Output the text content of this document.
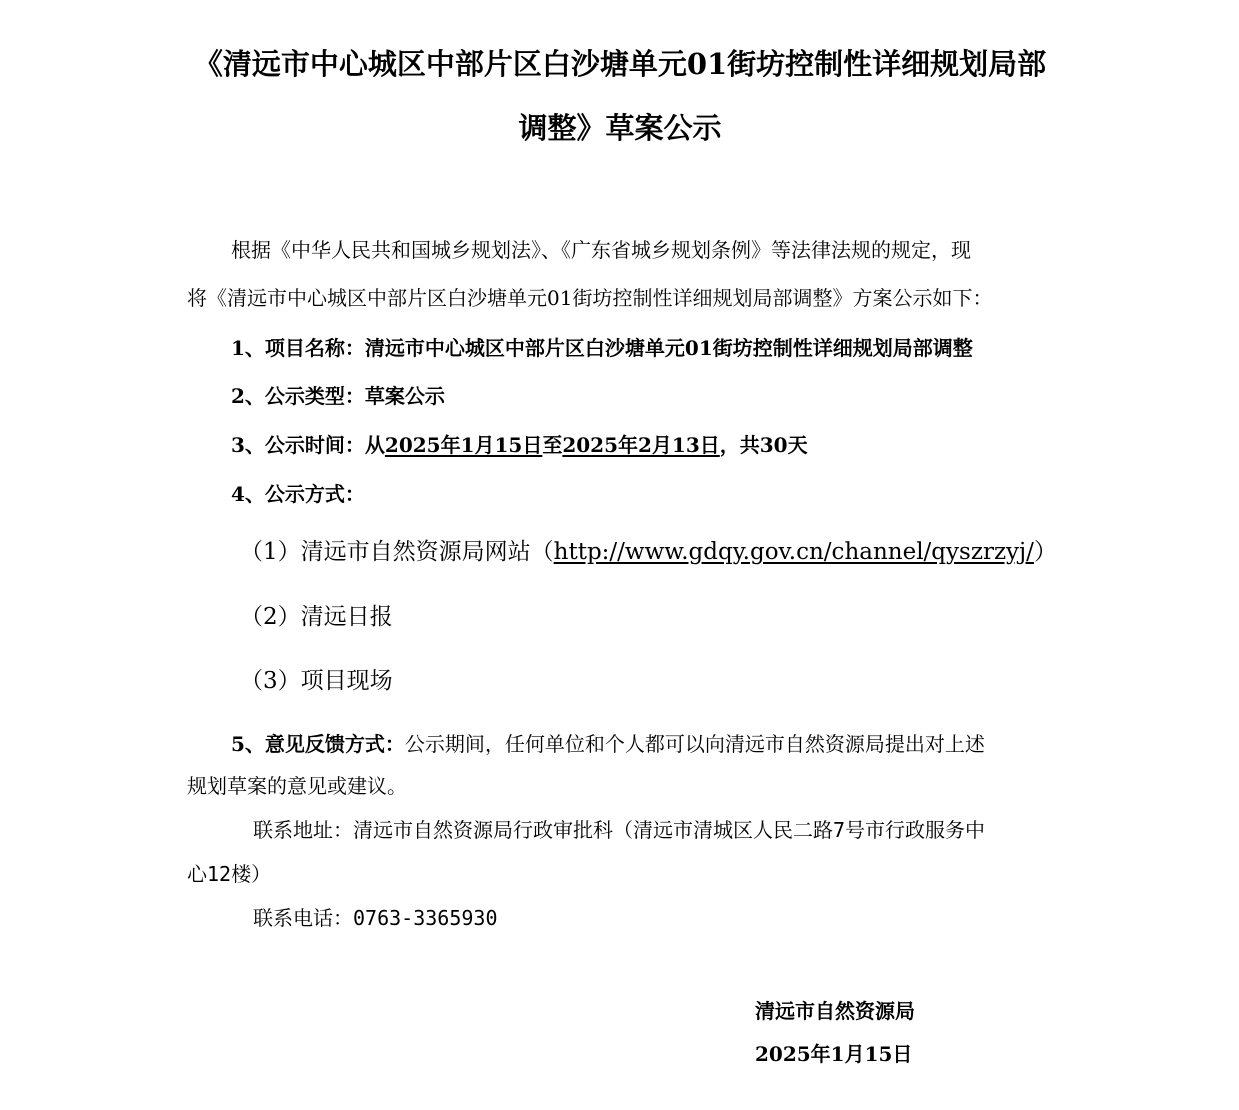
《清远市中心城区中部片区白沙塘单元01街坊控制性详细规划局部
调整》草案公示
根据《中华人民共和国城乡规划法》、《广东省城乡规划条例》等法律法规的规定，现
将《清远市中心城区中部片区白沙塘单元01街坊控制性详细规划局部调整》方案公示如下：
1、项目名称：清远市中心城区中部片区白沙塘单元01街坊控制性详细规划局部调整
2、公示类型：草案公示
3、公示时间：从2025年1月15日至2025年2月13日，共30天
4、公示方式：
（1）清远市自然资源局网站（http://www.gdqy.gov.cn/channel/qyszrzyj/）
（2）清远日报
（3）项目现场
5、意见反馈方式：公示期间，任何单位和个人都可以向清远市自然资源局提出对上述
规划草案的意见或建议。
联系地址：清远市自然资源局行政审批科（清远市清城区人民二路7号市行政服务中
心12楼）
联系电话：0763-3365930
清远市自然资源局
2025年1月15日
